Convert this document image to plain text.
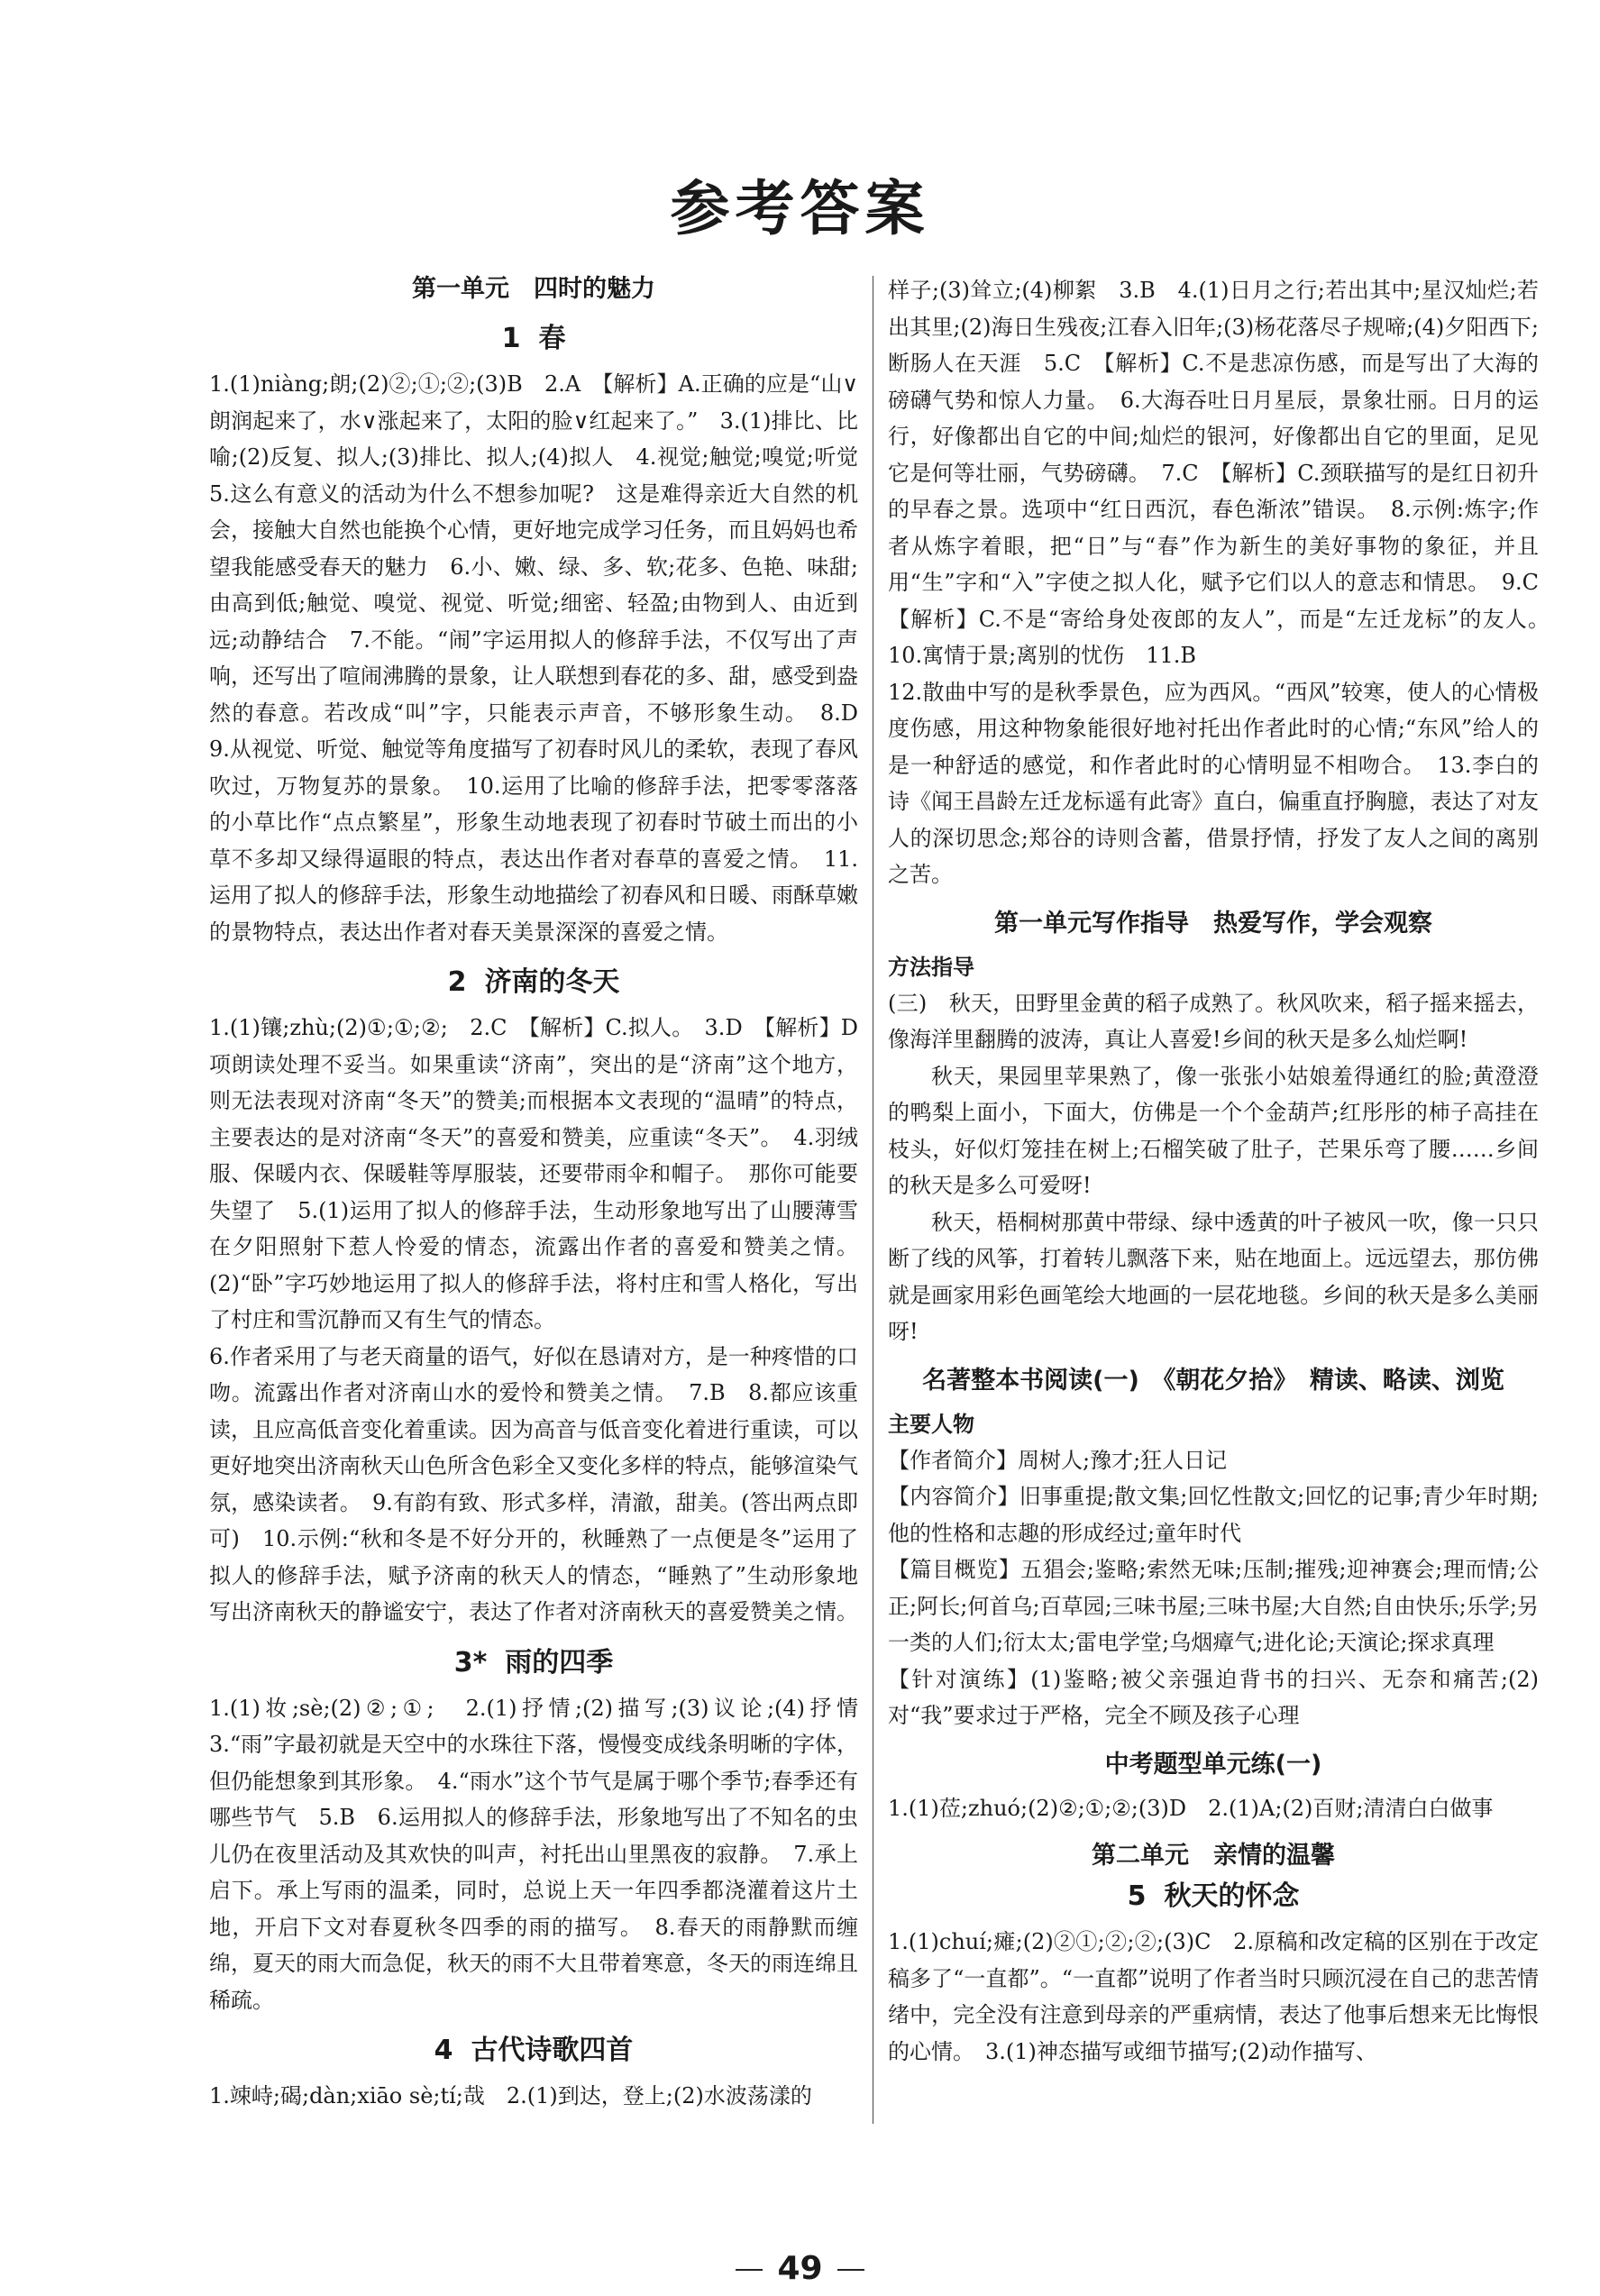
参考答案
第一单元　四时的魅力
1 春

1.(1)niàng;朗;(2)②;①;②;(3)B　2.A　【解析】A.正确的应是“山∨朗润起来了，水∨涨起来了，太阳的脸∨红起来了。”　3.(1)排比、比喻;(2)反复、拟人;(3)排比、拟人;(4)拟人　4.视觉;触觉;嗅觉;听觉　5.这么有意义的活动为什么不想参加呢?　这是难得亲近大自然的机会，接触大自然也能换个心情，更好地完成学习任务，而且妈妈也希望我能感受春天的魅力　6.小、嫩、绿、多、软;花多、色艳、味甜;由高到低;触觉、嗅觉、视觉、听觉;细密、轻盈;由物到人、由近到远;动静结合　7.不能。“闹”字运用拟人的修辞手法，不仅写出了声响，还写出了喧闹沸腾的景象，让人联想到春花的多、甜，感受到盎然的春意。若改成“叫”字，只能表示声音，不够形象生动。　8.D　9.从视觉、听觉、触觉等角度描写了初春时风儿的柔软，表现了春风吹过，万物复苏的景象。　10.运用了比喻的修辞手法，把零零落落的小草比作“点点繁星”，形象生动地表现了初春时节破土而出的小草不多却又绿得逼眼的特点，表达出作者对春草的喜爱之情。　11.运用了拟人的修辞手法，形象生动地描绘了初春风和日暖、雨酥草嫩的景物特点，表达出作者对春天美景深深的喜爱之情。

2 济南的冬天

1.(1)镶;zhù;(2)①;①;②;　2.C　【解析】C.拟人。　3.D　【解析】D项朗读处理不妥当。如果重读“济南”，突出的是“济南”这个地方，则无法表现对济南“冬天”的赞美;而根据本文表现的“温晴”的特点，主要表达的是对济南“冬天”的喜爱和赞美，应重读“冬天”。　4.羽绒服、保暖内衣、保暖鞋等厚服装，还要带雨伞和帽子。　那你可能要失望了　5.(1)运用了拟人的修辞手法，生动形象地写出了山腰薄雪在夕阳照射下惹人怜爱的情态，流露出作者的喜爱和赞美之情。(2)“卧”字巧妙地运用了拟人的修辞手法，将村庄和雪人格化，写出了村庄和雪沉静而又有生气的情态。
6.作者采用了与老天商量的语气，好似在恳请对方，是一种疼惜的口吻。流露出作者对济南山水的爱怜和赞美之情。　7.B　8.都应该重读，且应高低音变化着重读。因为高音与低音变化着进行重读，可以更好地突出济南秋天山色所含色彩全又变化多样的特点，能够渲染气氛，感染读者。　9.有韵有致、形式多样，清澈，甜美。(答出两点即可)　10.示例:“秋和冬是不好分开的，秋睡熟了一点便是冬”运用了拟人的修辞手法，赋予济南的秋天人的情态，“睡熟了”生动形象地写出济南秋天的静谧安宁，表达了作者对济南秋天的喜爱赞美之情。

3* 雨的四季

1.(1)妆;sè;(2)②;①;　2.(1)抒情;(2)描写;(3)议论;(4)抒情　3.“雨”字最初就是天空中的水珠往下落，慢慢变成线条明晰的字体，但仍能想象到其形象。　4.“雨水”这个节气是属于哪个季节;春季还有哪些节气　5.B　6.运用拟人的修辞手法，形象地写出了不知名的虫儿仍在夜里活动及其欢快的叫声，衬托出山里黑夜的寂静。　7.承上启下。承上写雨的温柔，同时，总说上天一年四季都浇灌着这片土地，开启下文对春夏秋冬四季的雨的描写。　8.春天的雨静默而缠绵，夏天的雨大而急促，秋天的雨不大且带着寒意，冬天的雨连绵且稀疏。

4 古代诗歌四首

1.竦峙;碣;dàn;xiāo sè;tí;哉　2.(1)到达，登上;(2)水波荡漾的

样子;(3)耸立;(4)柳絮　3.B　4.(1)日月之行;若出其中;星汉灿烂;若出其里;(2)海日生残夜;江春入旧年;(3)杨花落尽子规啼;(4)夕阳西下;断肠人在天涯　5.C　【解析】C.不是悲凉伤感，而是写出了大海的磅礴气势和惊人力量。　6.大海吞吐日月星辰，景象壮丽。日月的运行，好像都出自它的中间;灿烂的银河，好像都出自它的里面，足见它是何等壮丽，气势磅礴。　7.C　【解析】C.颈联描写的是红日初升的早春之景。选项中“红日西沉，春色渐浓”错误。　8.示例:炼字;作者从炼字着眼，把“日”与“春”作为新生的美好事物的象征，并且用“生”字和“入”字使之拟人化，赋予它们以人的意志和情思。　9.C　【解析】C.不是“寄给身处夜郎的友人”，而是“左迁龙标”的友人。　10.寓情于景;离别的忧伤　11.B
12.散曲中写的是秋季景色，应为西风。“西风”较寒，使人的心情极度伤感，用这种物象能很好地衬托出作者此时的心情;“东风”给人的是一种舒适的感觉，和作者此时的心情明显不相吻合。　13.李白的诗《闻王昌龄左迁龙标遥有此寄》直白，偏重直抒胸臆，表达了对友人的深切思念;郑谷的诗则含蓄，借景抒情，抒发了友人之间的离别之苦。

第一单元写作指导　热爱写作，学会观察
方法指导

(三)　秋天，田野里金黄的稻子成熟了。秋风吹来，稻子摇来摇去，像海洋里翻腾的波涛，真让人喜爱!乡间的秋天是多么灿烂啊!

秋天，果园里苹果熟了，像一张张小姑娘羞得通红的脸;黄澄澄的鸭梨上面小，下面大，仿佛是一个个金葫芦;红彤彤的柿子高挂在枝头，好似灯笼挂在树上;石榴笑破了肚子，芒果乐弯了腰……乡间的秋天是多么可爱呀!

秋天，梧桐树那黄中带绿、绿中透黄的叶子被风一吹，像一只只断了线的风筝，打着转儿飘落下来，贴在地面上。远远望去，那仿佛就是画家用彩色画笔绘大地画的一层花地毯。乡间的秋天是多么美丽呀!

名著整本书阅读(一)　《朝花夕拾》　精读、略读、浏览
主要人物

【作者简介】周树人;豫才;狂人日记

【内容简介】旧事重提;散文集;回忆性散文;回忆的记事;青少年时期;他的性格和志趣的形成经过;童年时代

【篇目概览】五猖会;鉴略;索然无味;压制;摧残;迎神赛会;理而情;公正;阿长;何首乌;百草园;三味书屋;三味书屋;大自然;自由快乐;乐学;另一类的人们;衍太太;雷电学堂;乌烟瘴气;进化论;天演论;探求真理

【针对演练】(1)鉴略;被父亲强迫背书的扫兴、无奈和痛苦;(2)对“我”要求过于严格，完全不顾及孩子心理

中考题型单元练(一)

1.(1)莅;zhuó;(2)②;①;②;(3)D　2.(1)A;(2)百财;清清白白做事

第二单元　亲情的温馨
5 秋天的怀念

1.(1)chuí;瘫;(2)②①;②;②;(3)C　2.原稿和改定稿的区别在于改定稿多了“一直都”。“一直都”说明了作者当时只顾沉浸在自己的悲苦情绪中，完全没有注意到母亲的严重病情，表达了他事后想来无比悔恨的心情。　3.(1)神态描写或细节描写;(2)动作描写、

49
